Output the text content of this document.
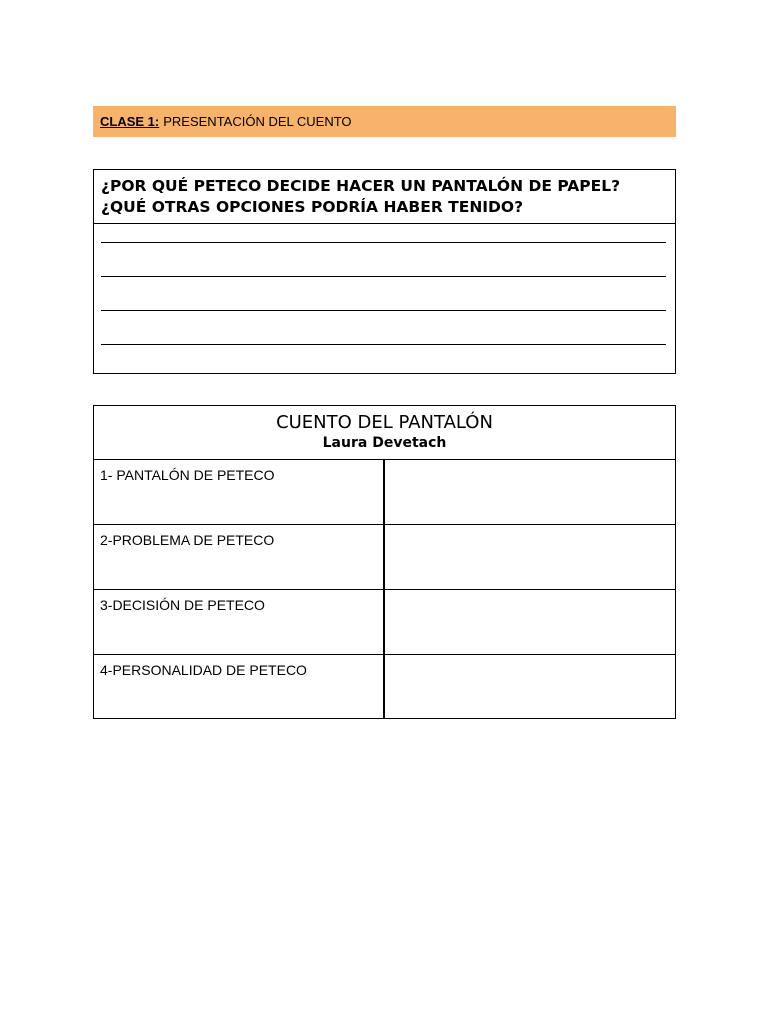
CLASE 1: PRESENTACIÓN DEL CUENTO
¿POR QUÉ PETECO DECIDE HACER UN PANTALÓN DE PAPEL? ¿QUÉ OTRAS OPCIONES PODRÍA HABER TENIDO?
CUENTO DEL PANTALÓN
Laura Devetach
1- PANTALÓN DE PETECO
2-PROBLEMA DE PETECO
3-DECISIÓN DE PETECO
4-PERSONALIDAD DE PETECO
